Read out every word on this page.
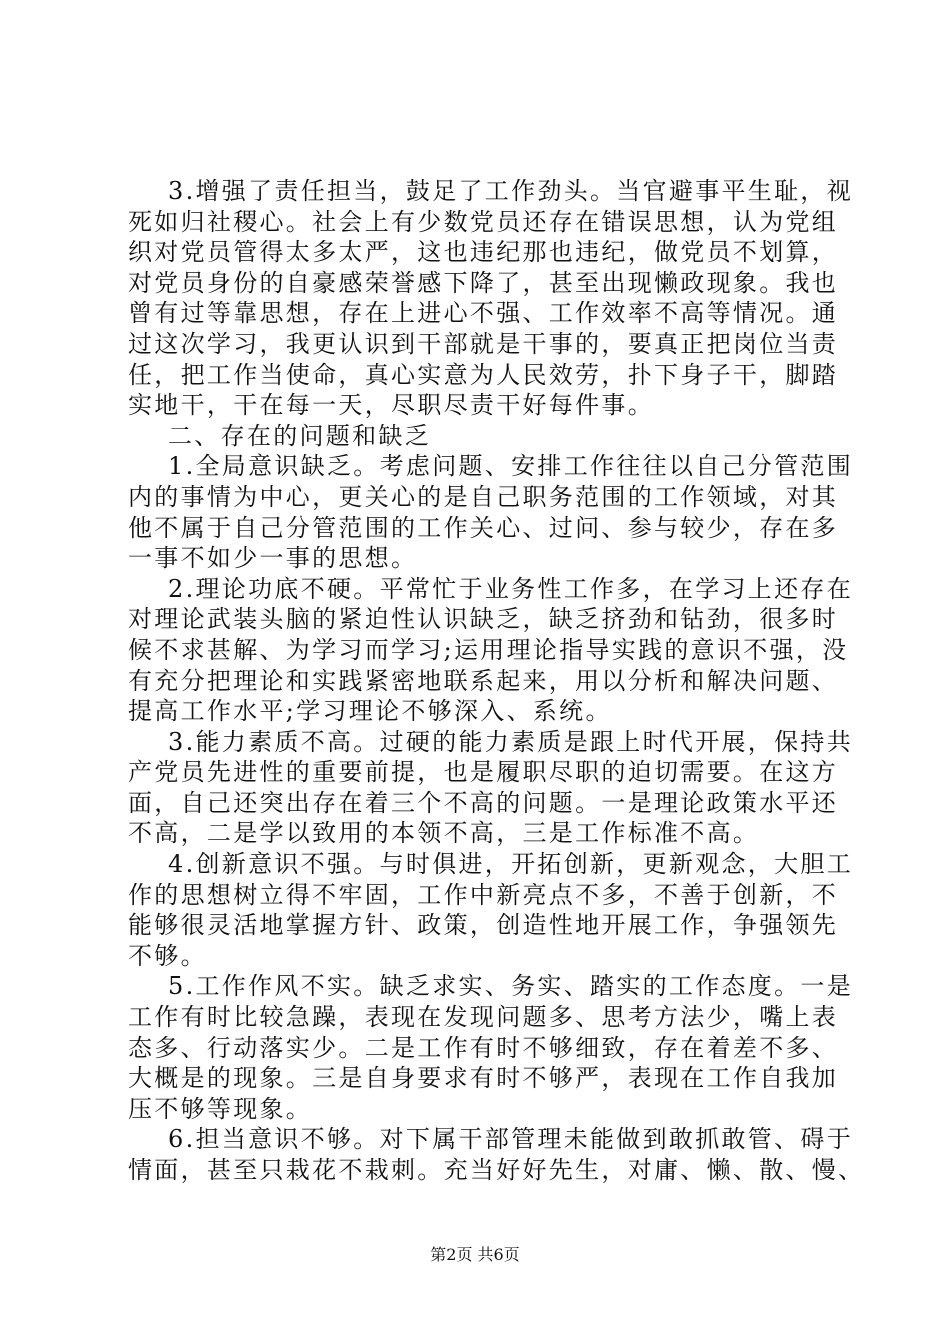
3.增强了责任担当，鼓足了工作劲头。当官避事平生耻，视
死如归社稷心。社会上有少数党员还存在错误思想，认为党组
织对党员管得太多太严，这也违纪那也违纪，做党员不划算，
对党员身份的自豪感荣誉感下降了，甚至出现懒政现象。我也
曾有过等靠思想，存在上进心不强、工作效率不高等情况。通
过这次学习，我更认识到干部就是干事的，要真正把岗位当责
任，把工作当使命，真心实意为人民效劳，扑下身子干，脚踏
实地干，干在每一天，尽职尽责干好每件事。
二、存在的问题和缺乏
1.全局意识缺乏。考虑问题、安排工作往往以自己分管范围
内的事情为中心，更关心的是自己职务范围的工作领域，对其
他不属于自己分管范围的工作关心、过问、参与较少，存在多
一事不如少一事的思想。
2.理论功底不硬。平常忙于业务性工作多，在学习上还存在
对理论武装头脑的紧迫性认识缺乏，缺乏挤劲和钻劲，很多时
候不求甚解、为学习而学习;运用理论指导实践的意识不强，没
有充分把理论和实践紧密地联系起来，用以分析和解决问题、
提高工作水平;学习理论不够深入、系统。
3.能力素质不高。过硬的能力素质是跟上时代开展，保持共
产党员先进性的重要前提，也是履职尽职的迫切需要。在这方
面，自己还突出存在着三个不高的问题。一是理论政策水平还
不高，二是学以致用的本领不高，三是工作标准不高。
4.创新意识不强。与时俱进，开拓创新，更新观念，大胆工
作的思想树立得不牢固，工作中新亮点不多，不善于创新，不
能够很灵活地掌握方针、政策，创造性地开展工作，争强领先
不够。
5.工作作风不实。缺乏求实、务实、踏实的工作态度。一是
工作有时比较急躁，表现在发现问题多、思考方法少，嘴上表
态多、行动落实少。二是工作有时不够细致，存在着差不多、
大概是的现象。三是自身要求有时不够严，表现在工作自我加
压不够等现象。
6.担当意识不够。对下属干部管理未能做到敢抓敢管、碍于
情面，甚至只栽花不栽刺。充当好好先生，对庸、懒、散、慢、
第2页 共6页
